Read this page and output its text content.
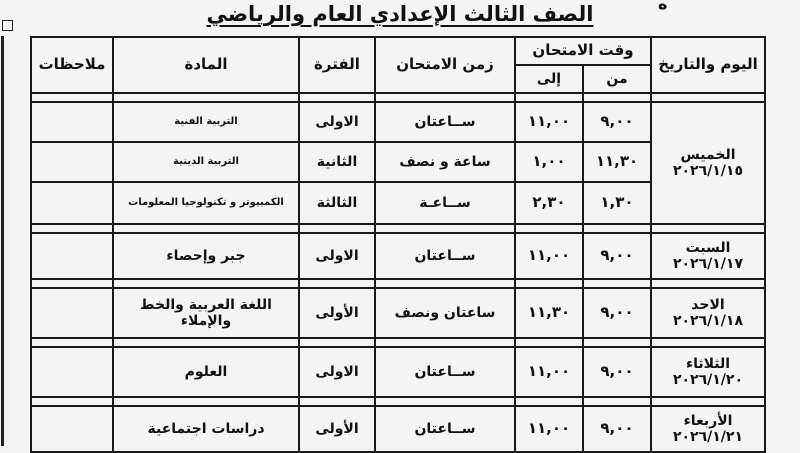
ه
الصف الثالث الإعدادي العام والرياضي
اليوم والتاريخ	وقت الامتحان		زمن الامتحان	الفترة	المادة	ملاحظات
	من	إلى				

الخميس
٢٠٢٦/١/١٥	٩,٠٠	١١,٠٠	ســاعتان	الاولى	التربية الفنية	
	١١,٣٠	١,٠٠	ساعة و نصف	الثانية	التربية الدينية	
	١,٣٠	٢,٣٠	ســاعـة	الثالثة	الكمبيوتر و تكنولوجيا المعلومات	

السبت
٢٠٢٦/١/١٧	٩,٠٠	١١,٠٠	ســاعتان	الاولى	جبر وإحصاء	

الاحد
٢٠٢٦/١/١٨	٩,٠٠	١١,٣٠	ساعتان ونصف	الأولى	اللغة العربية والخط والإملاء	

الثلاثاء
٢٠٢٦/١/٢٠	٩,٠٠	١١,٠٠	ســاعتان	الاولى	العلوم	

الأربعاء
٢٠٢٦/١/٢١	٩,٠٠	١١,٠٠	ســاعتان	الأولى	دراسات اجتماعية	
